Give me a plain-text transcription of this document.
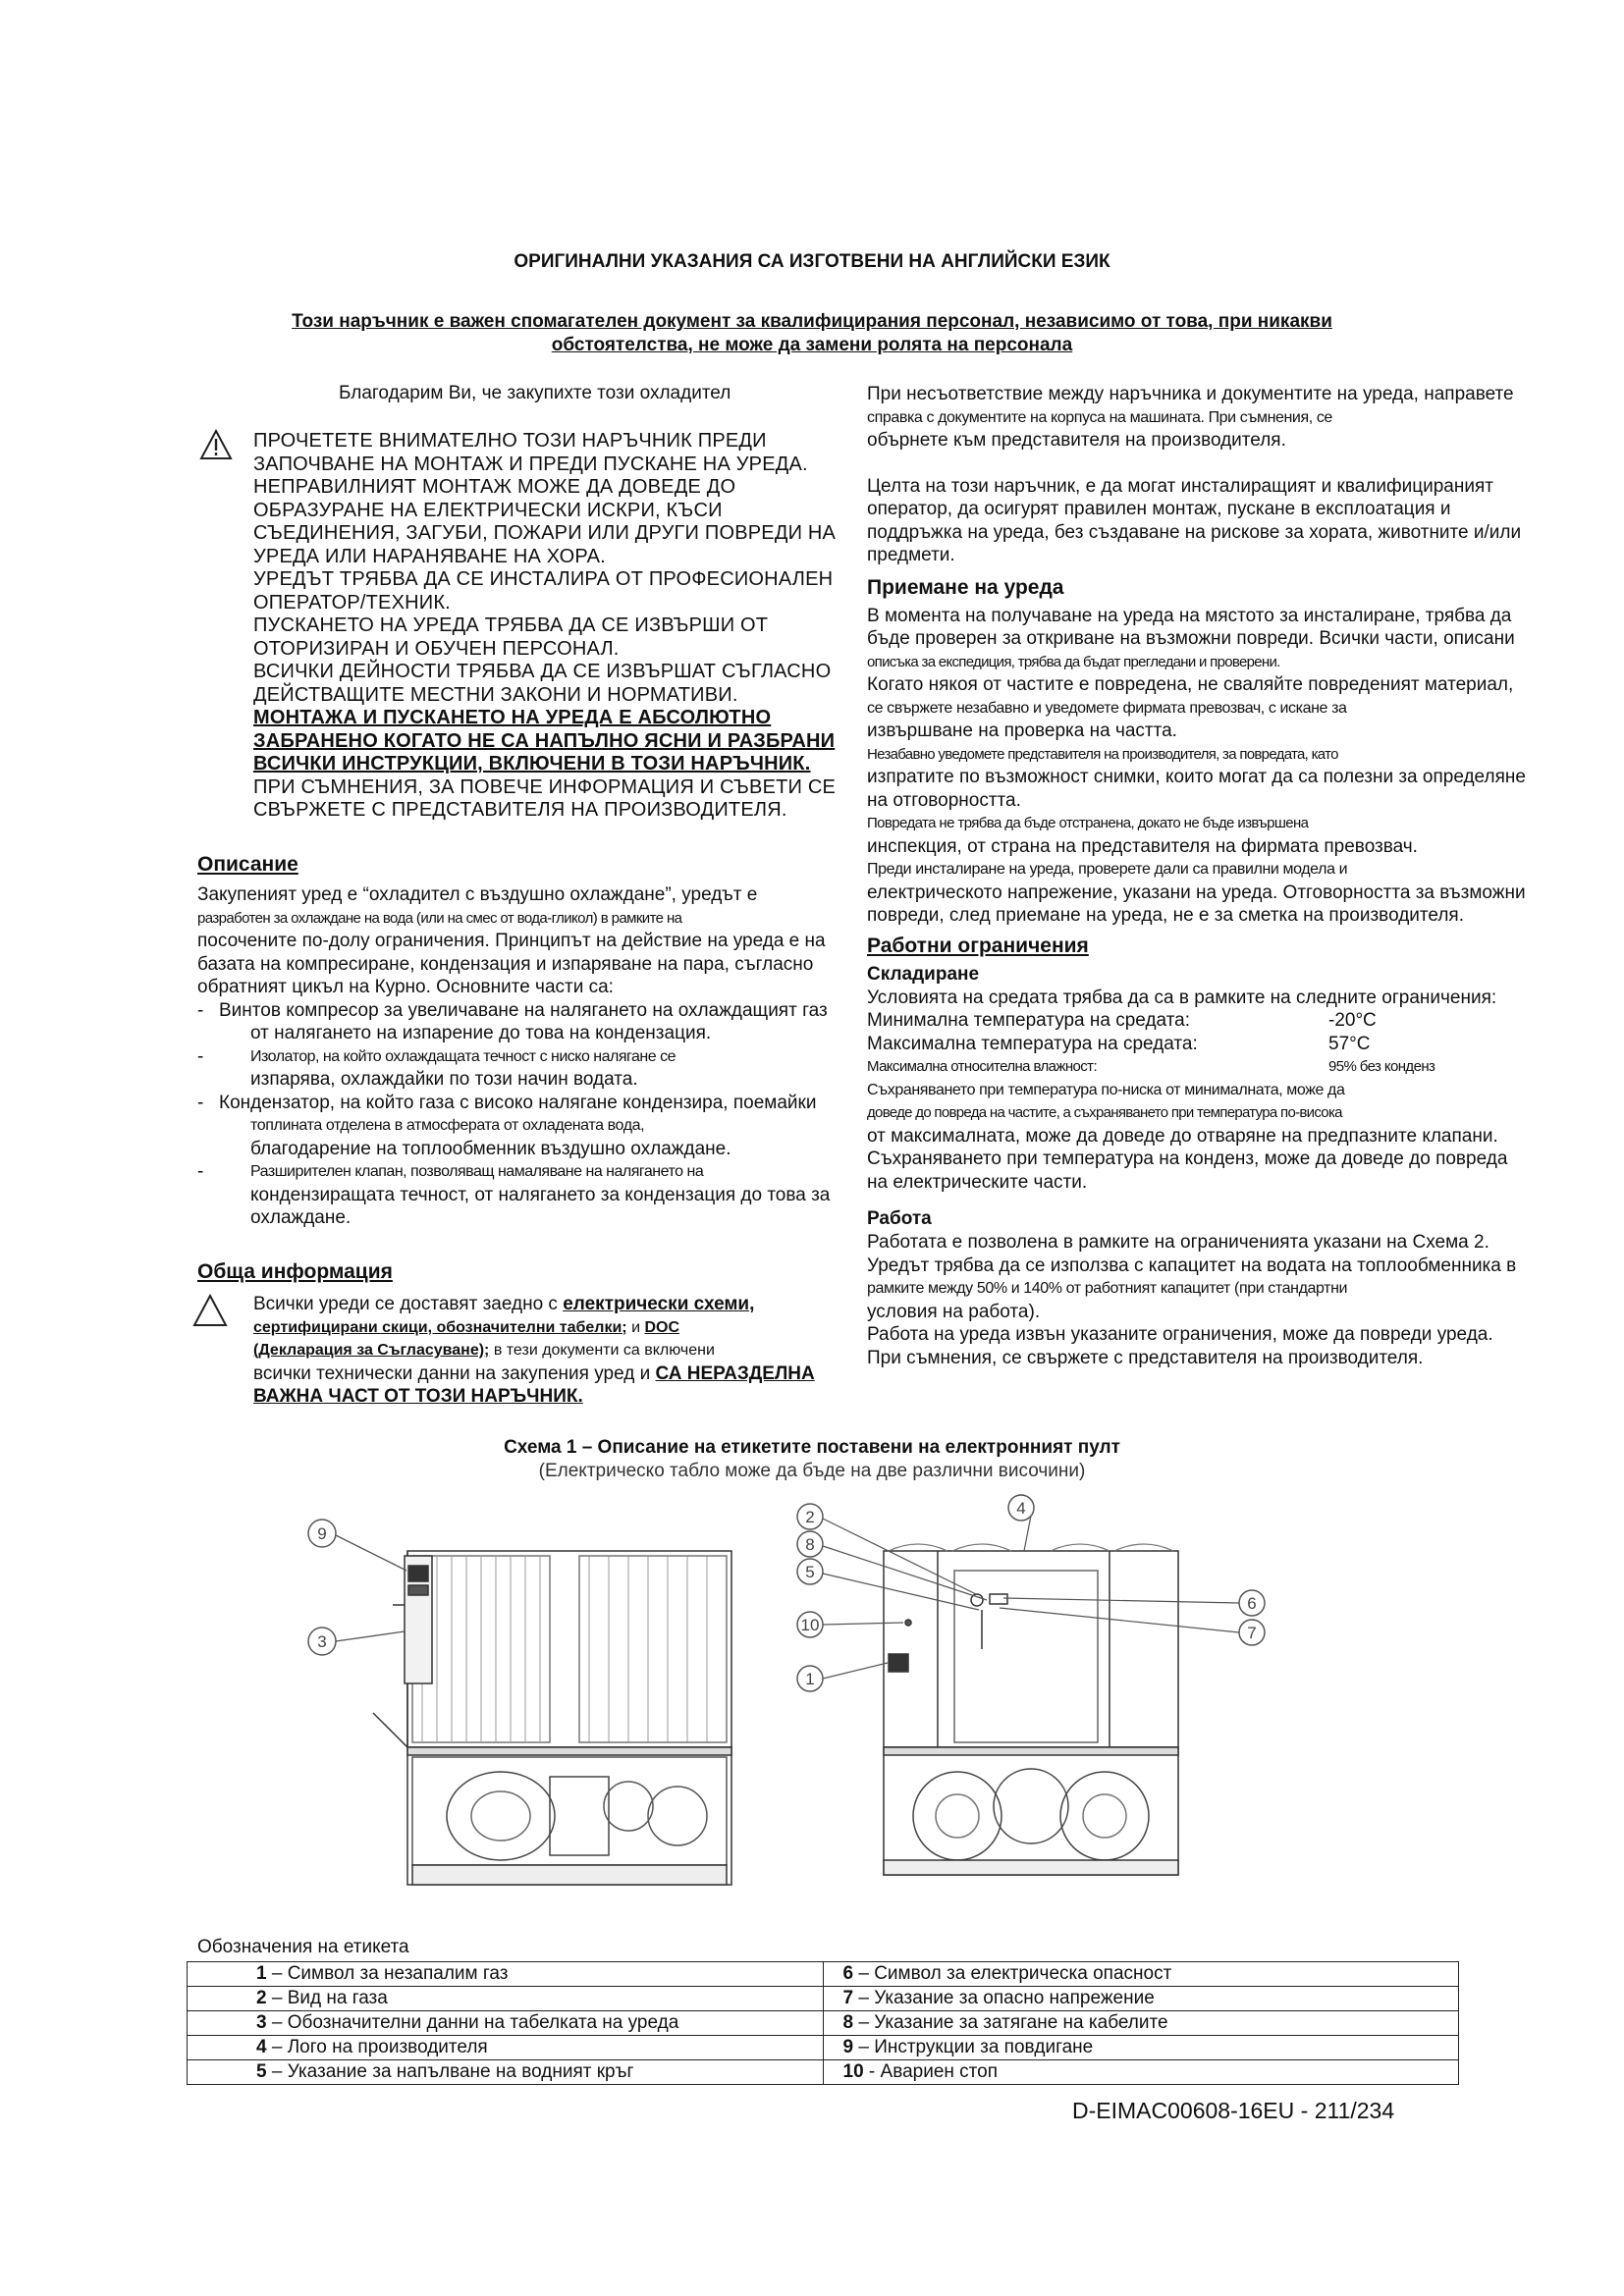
ОРИГИНАЛНИ УКАЗАНИЯ СА ИЗГОТВЕНИ НА АНГЛИЙСКИ ЕЗИК
Този наръчник е важен спомагателен документ за квалифицирания персонал, независимо от това, при никакви
обстоятелства, не може да замени ролята на персонала
Благодарим Ви, че закупихте този охладител

ПРОЧЕТЕТЕ ВНИМАТЕЛНО ТОЗИ НАРЪЧНИК ПРЕДИ

ЗАПОЧВАНЕ НА МОНТАЖ И ПРЕДИ ПУСКАНЕ НА УРЕДА.

НЕПРАВИЛНИЯТ МОНТАЖ МОЖЕ ДА ДОВЕДЕ ДО

ОБРАЗУРАНЕ НА ЕЛЕКТРИЧЕСКИ ИСКРИ, КЪСИ

СЪЕДИНЕНИЯ, ЗАГУБИ, ПОЖАРИ ИЛИ ДРУГИ ПОВРЕДИ НА

УРЕДА ИЛИ НАРАНЯВАНЕ НА ХОРА.

УРЕДЪТ ТРЯБВА ДА СЕ ИНСТАЛИРА ОТ ПРОФЕСИОНАЛЕН

ОПЕРАТОР/ТЕХНИК.

ПУСКАНЕТО НА УРЕДА ТРЯБВА ДА СЕ ИЗВЪРШИ ОТ

ОТОРИЗИРАН И ОБУЧЕН ПЕРСОНАЛ.

ВСИЧКИ ДЕЙНОСТИ ТРЯБВА ДА СЕ ИЗВЪРШАТ СЪГЛАСНО

ДЕЙСТВАЩИТЕ МЕСТНИ ЗАКОНИ И НОРМАТИВИ.

МОНТАЖА И ПУСКАНЕТО НА УРЕДА Е АБСОЛЮТНО

ЗАБРАНЕНО КОГАТО НЕ СА НАПЪЛНО ЯСНИ И РАЗБРАНИ

ВСИЧКИ ИНСТРУКЦИИ, ВКЛЮЧЕНИ В ТОЗИ НАРЪЧНИК.

ПРИ СЪМНЕНИЯ, ЗА ПОВЕЧЕ ИНФОРМАЦИЯ И СЪВЕТИ СЕ

СВЪРЖЕТЕ С ПРЕДСТАВИТЕЛЯ НА ПРОИЗВОДИТЕЛЯ.

Описание

Закупеният уред е “охладител с въздушно охлаждане”, уредът е

разработен за охлаждане на вода (или на смес от вода-гликол) в рамките на

посочените по-долу ограничения. Принципът на действие на уреда е на

базата на компресиране, кондензация и изпаряване на пара, съгласно

обратният цикъл на Курно. Основните части са:

- Винтов компресор за увеличаване на налягането на охлаждащият газ

от налягането на изпарение до това на кондензация.

-	Изолатор, на който охлаждащата течност с ниско налягане се

изпарява, охлаждайки по този начин водата.

- Кондензатор, на който газа с високо налягане кондензира, поемайки

топлината отделена в атмосферата от охладената вода,

благодарение на топлообменник въздушно охлаждане.

-	Разширителен клапан, позволяващ намаляване на налягането на

кондензиращата течност, от налягането за кондензация до това за

охлаждане.

Обща информация

Всички уреди се доставят заедно с електрически схеми,

сертифицирани скици, обозначителни табелки; и DOC

(Декларация за Съгласуване); в тези документи са включени

всички технически данни на закупения уред и СА НЕРАЗДЕЛНА

ВАЖНА ЧАСТ ОТ ТОЗИ НАРЪЧНИК.

При несъответствие между наръчника и документите на уреда, направете

справка с документите на корпуса на машината. При съмнения, се

обърнете към представителя на производителя.

Целта на този наръчник, е да могат инсталиращият и квалифицираният

оператор, да осигурят правилен монтаж, пускане в експлоатация и

поддръжка на уреда, без създаване на рискове за хората, животните и/или

предмети.

Приемане на уреда

В момента на получаване на уреда на мястото за инсталиране, трябва да

бъде проверен за откриване на възможни повреди. Всички части, описани

описъка за експедиция, трябва да бъдат прегледани и проверени.

Когато някоя от частите е повредена, не сваляйте повреденият материал,

се свържете незабавно и уведомете фирмата превозвач, с искане за

извършване на проверка на частта.

Незабавно уведомете представителя на производителя, за повредата, като

изпратите по възможност снимки, които могат да са полезни за определяне

на отговорността.

Повредата не трябва да бъде отстранена, докато не бъде извършена

инспекция, от страна на представителя на фирмата превозвач.

Преди инсталиране на уреда, проверете дали са правилни модела и

електрическото напрежение, указани на уреда. Отговорността за възможни

повреди, след приемане на уреда, не е за сметка на производителя.

Работни ограничения
Складиране

Условията на средата трябва да са в рамките на следните ограничения:

Минимална температура на средата:	-20°C
Максимална температура на средата:	57°C
Максимална относителна влажност:	95% без конденз

Съхраняването при температура по-ниска от минималната, може да

доведе до повреда на частите, а съхраняването при температура по-висока

от максималната, може да доведе до отваряне на предпазните клапани.

Съхраняването при температура на конденз, може да доведе до повреда

на електрическите части.

Работа

Работата е позволена в рамките на ограниченията указани на Схема 2.

Уредът трябва да се използва с капацитет на водата на топлообменника в

рамките между 50% и 140% от работният капацитет (при стандартни

условия на работа).

Работа на уреда извън указаните ограничения, може да повреди уреда.

При съмнения, се свържете с представителя на производителя.

Схема 1 – Описание на етикетите поставени на електронният пулт
(Електрическо табло може да бъде на две различни височини)
9
3
2
8
5
10
1
4
6
7
Обозначения на етикета
1 – Символ за незапалим газ	6 – Символ за електрическа опасност
2 – Вид на газа	7 – Указание за опасно напрежение
3 – Обозначителни данни на табелката на уреда	8 – Указание за затягане на кабелите
4 – Лого на производителя	9 – Инструкции за повдигане
5 – Указание за напълване на водният кръг	10 - Авариен стоп
D-EIMAC00608-16EU - 211/234
